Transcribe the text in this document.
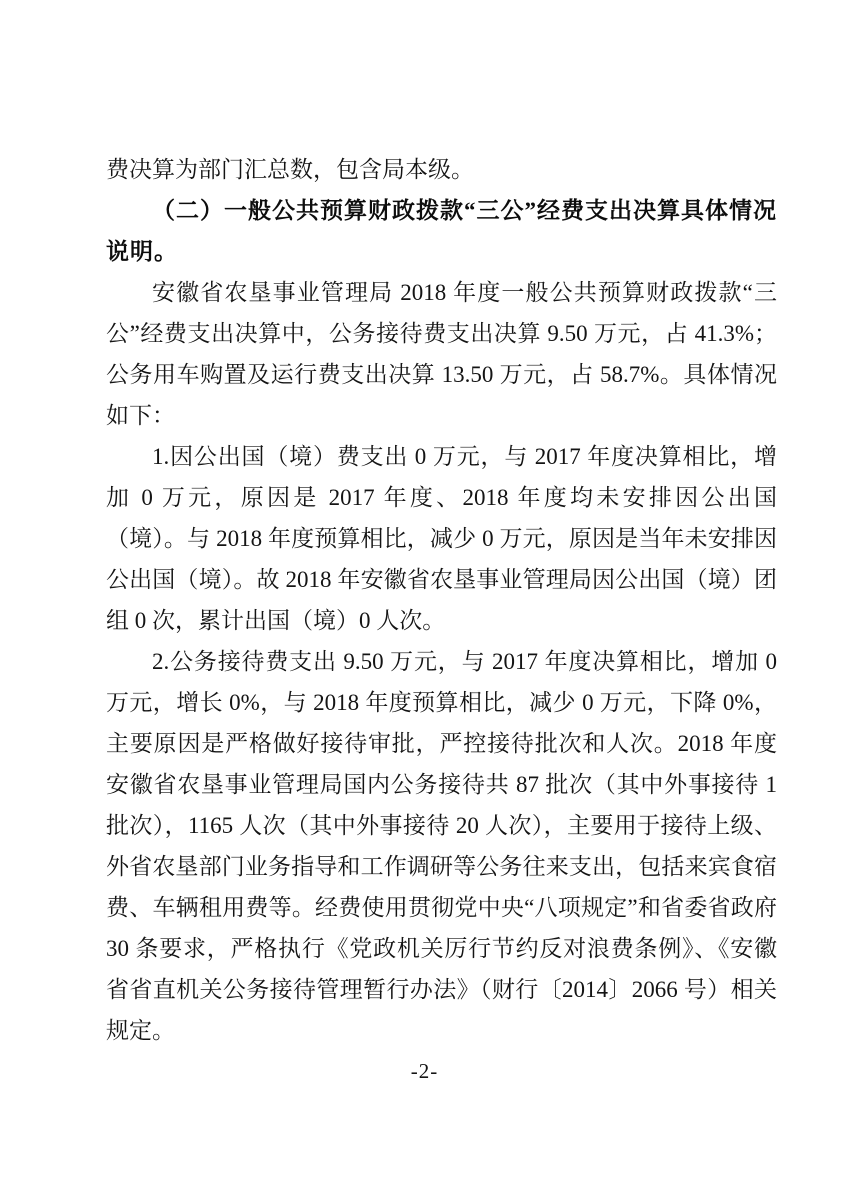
费决算为部门汇总数，包含局本级。

（二）一般公共预算财政拨款“三公”经费支出决算具体情况说明。

安徽省农垦事业管理局 2018 年度一般公共预算财政拨款“三公”经费支出决算中，公务接待费支出决算 9.50 万元，占 41.3%；公务用车购置及运行费支出决算 13.50 万元，占 58.7%。具体情况如下：

1.因公出国（境）费支出 0 万元，与 2017 年度决算相比，增加 0 万元，原因是 2017 年度、2018 年度均未安排因公出国（境）。与 2018 年度预算相比，减少 0 万元，原因是当年未安排因公出国（境）。故 2018 年安徽省农垦事业管理局因公出国（境）团组 0 次，累计出国（境）0 人次。

2.公务接待费支出 9.50 万元，与 2017 年度决算相比，增加 0 万元，增长 0%，与 2018 年度预算相比，减少 0 万元，下降 0%，主要原因是严格做好接待审批，严控接待批次和人次。2018 年度安徽省农垦事业管理局国内公务接待共 87 批次（其中外事接待 1 批次），1165 人次（其中外事接待 20 人次），主要用于接待上级、外省农垦部门业务指导和工作调研等公务往来支出，包括来宾食宿费、车辆租用费等。经费使用贯彻党中央“八项规定”和省委省政府 30 条要求，严格执行《党政机关厉行节约反对浪费条例》、《安徽省省直机关公务接待管理暂行办法》（财行〔2014〕2066 号）相关规定。

-2-
